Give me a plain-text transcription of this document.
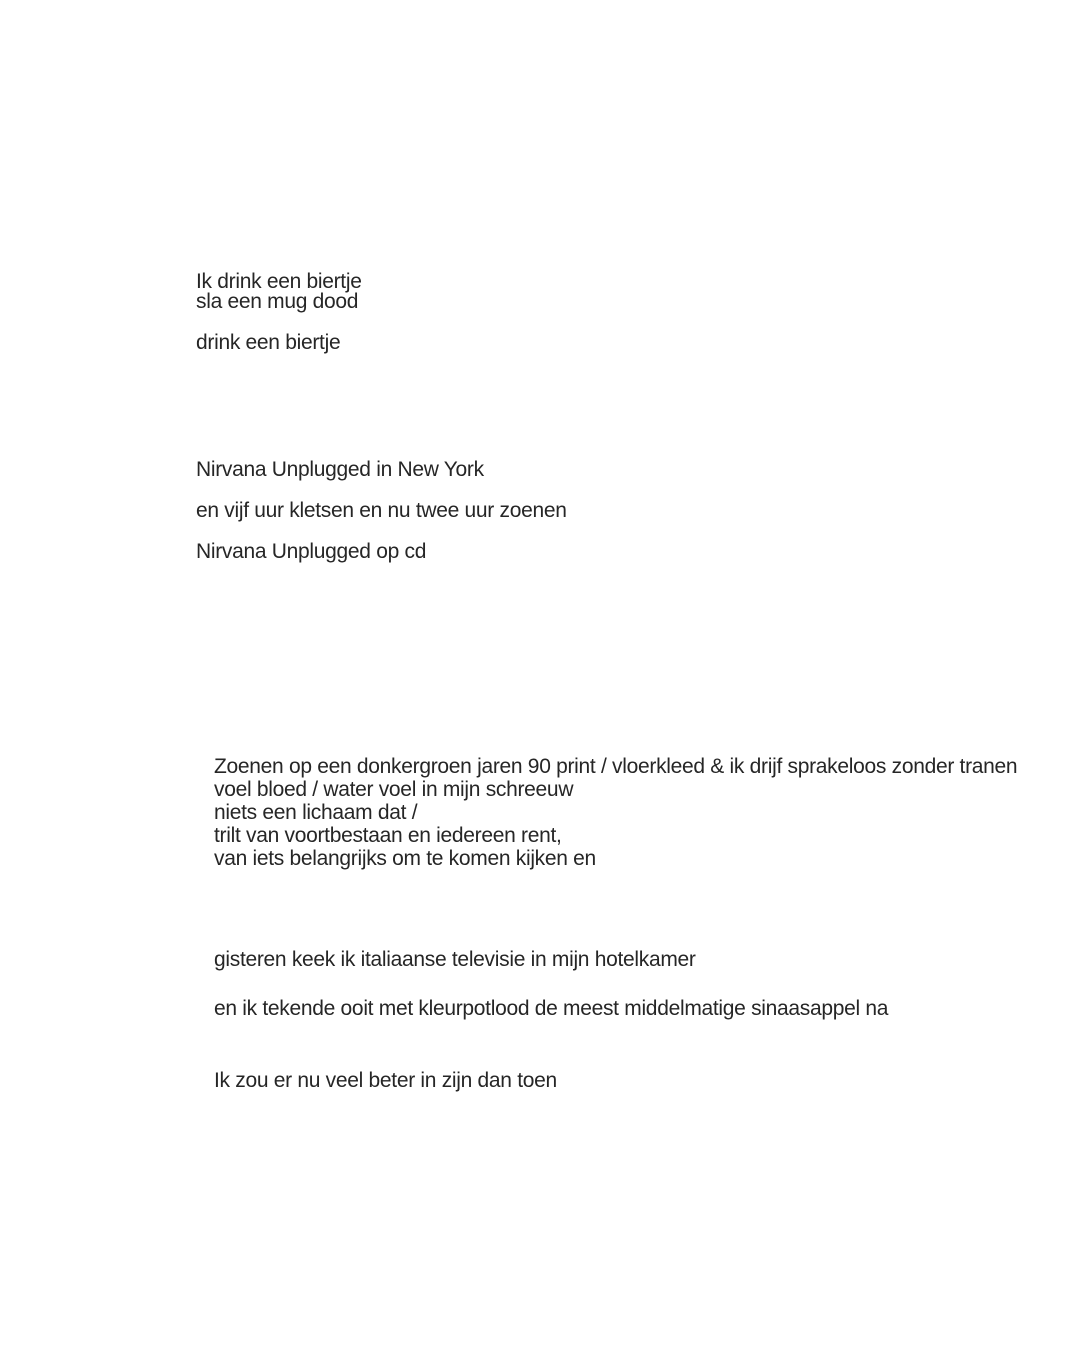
Ik drink een biertje

sla een mug dood

drink een biertje

Nirvana Unplugged in New York

en vijf uur kletsen en nu twee uur zoenen

Nirvana Unplugged op cd

Zoenen op een donkergroen jaren 90 print / vloerkleed & ik drijf sprakeloos zonder tranen
voel bloed / water voel in mijn schreeuw
niets een lichaam dat /
trilt van voortbestaan en iedereen rent,
van iets belangrijks om te komen kijken en

gisteren keek ik italiaanse televisie in mijn hotelkamer

en ik tekende ooit met kleurpotlood de meest middelmatige sinaasappel na

Ik zou er nu veel beter in zijn dan toen
